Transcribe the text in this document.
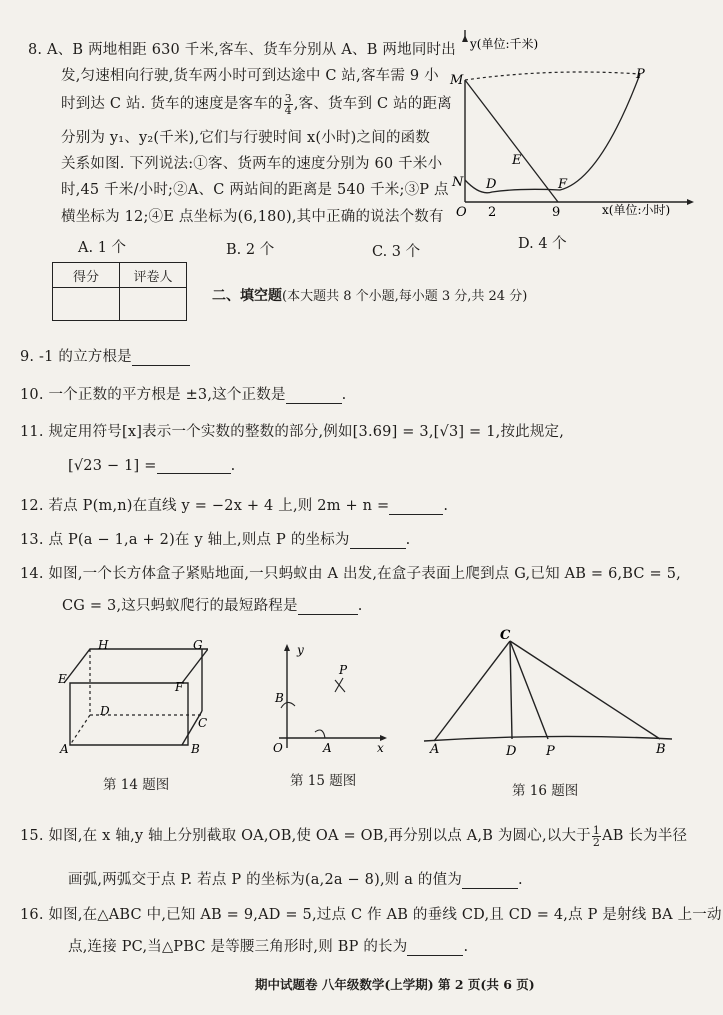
8. A、B 两地相距 630 千米,客车、货车分别从 A、B 两地同时出
发,匀速相向行驶,货车两小时可到达途中 C 站,客车需 9 小
时到达 C 站. 货车的速度是客车的 $\frac{3}{4}$ ,客、货车到 C 站的距离
分别为 y₁、y₂(千米),它们与行驶时间 x(小时)之间的函数
关系如图. 下列说法:①客、货两车的速度分别为 60 千米小
时,45 千米/小时;②A、C 两站间的距离是 540 千米;③P 点
横坐标为 12;④E 点坐标为(6,180),其中正确的说法个数有
A. 1 个	B. 2 个	C. 3 个	D. 4 个
M	P
E
N D	F
O 2	9
y(单位:千米)
x(单位:小时)
得分	评卷人

二、填空题(本大题共 8 个小题,每小题 3 分,共 24 分)
9. -1 的立方根是
10. 一个正数的平方根是 ±3,这个正数是	.
11. 规定用符号[x]表示一个实数的整数的部分,例如[3.69] = 3,[√3] = 1,按此规定,
[√23 − 1] =	.
12. 若点 P(m,n)在直线 y = −2x + 4 上,则 2m + n =	.
13. 点 P(a − 1,a + 2)在 y 轴上,则点 P 的坐标为	.
14. 如图,一个长方体盒子紧贴地面,一只蚂蚁由 A 出发,在盒子表面上爬到点 G,已知 AB = 6,BC = 5,
CG = 3,这只蚂蚁爬行的最短路程是	.
H	G
E
F
D
C
A	B
第 14 题图
y
P
B
O	A	x
第 15 题图
C
A	D P	B
第 16 题图
15. 如图,在 x 轴,y 轴上分别截取 OA,OB,使 OA = OB,再分别以点 A,B 为圆心,以大于 $\frac{1}{2}$ AB 长为半径
画弧,两弧交于点 P. 若点 P 的坐标为(a,2a − 8),则 a 的值为	.
16. 如图,在△ABC 中,已知 AB = 9,AD = 5,过点 C 作 AB 的垂线 CD,且 CD = 4,点 P 是射线 BA 上一动
点,连接 PC,当△PBC 是等腰三角形时,则 BP 的长为	.
期中试题卷 八年级数学(上学期) 第 2 页(共 6 页)
